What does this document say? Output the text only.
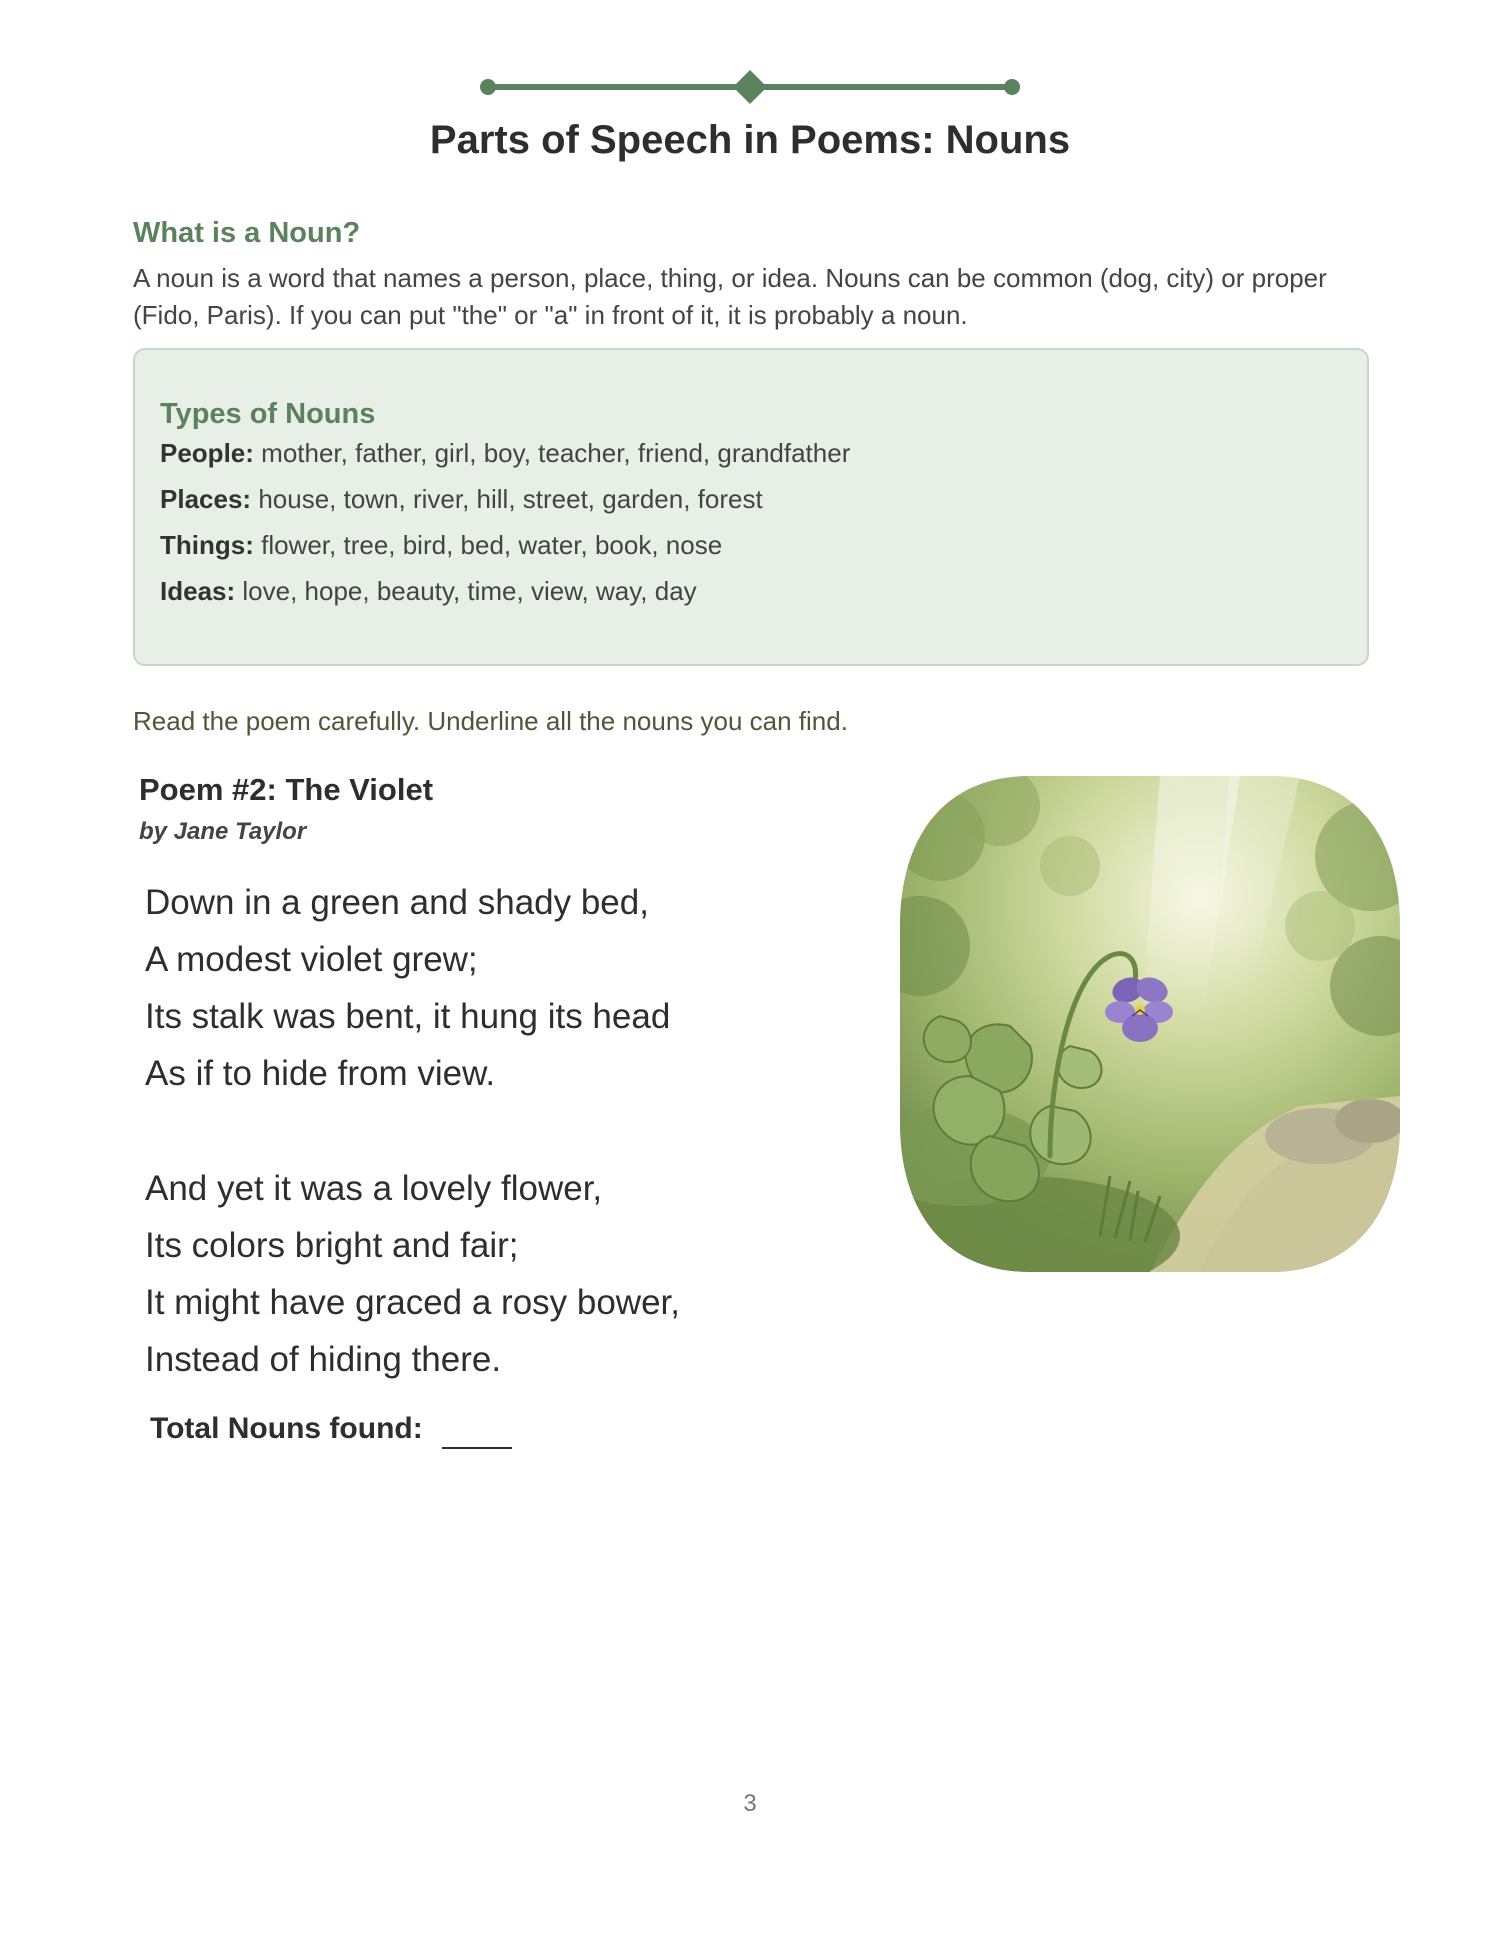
Parts of Speech in Poems: Nouns
What is a Noun?

A noun is a word that names a person, place, thing, or idea. Nouns can be common (dog, city) or proper (Fido, Paris). If you can put "the" or "a" in front of it, it is probably a noun.

Types of Nouns

People: mother, father, girl, boy, teacher, friend, grandfather

Places: house, town, river, hill, street, garden, forest

Things: flower, tree, bird, bed, water, book, nose

Ideas: love, hope, beauty, time, view, way, day

Read the poem carefully. Underline all the nouns you can find.

Poem #2: The Violet

by Jane Taylor

Down in a green and shady bed,

A modest violet grew;

Its stalk was bent, it hung its head

As if to hide from view.

And yet it was a lovely flower,

Its colors bright and fair;

It might have graced a rosy bower,

Instead of hiding there.

Total Nouns found:

3
